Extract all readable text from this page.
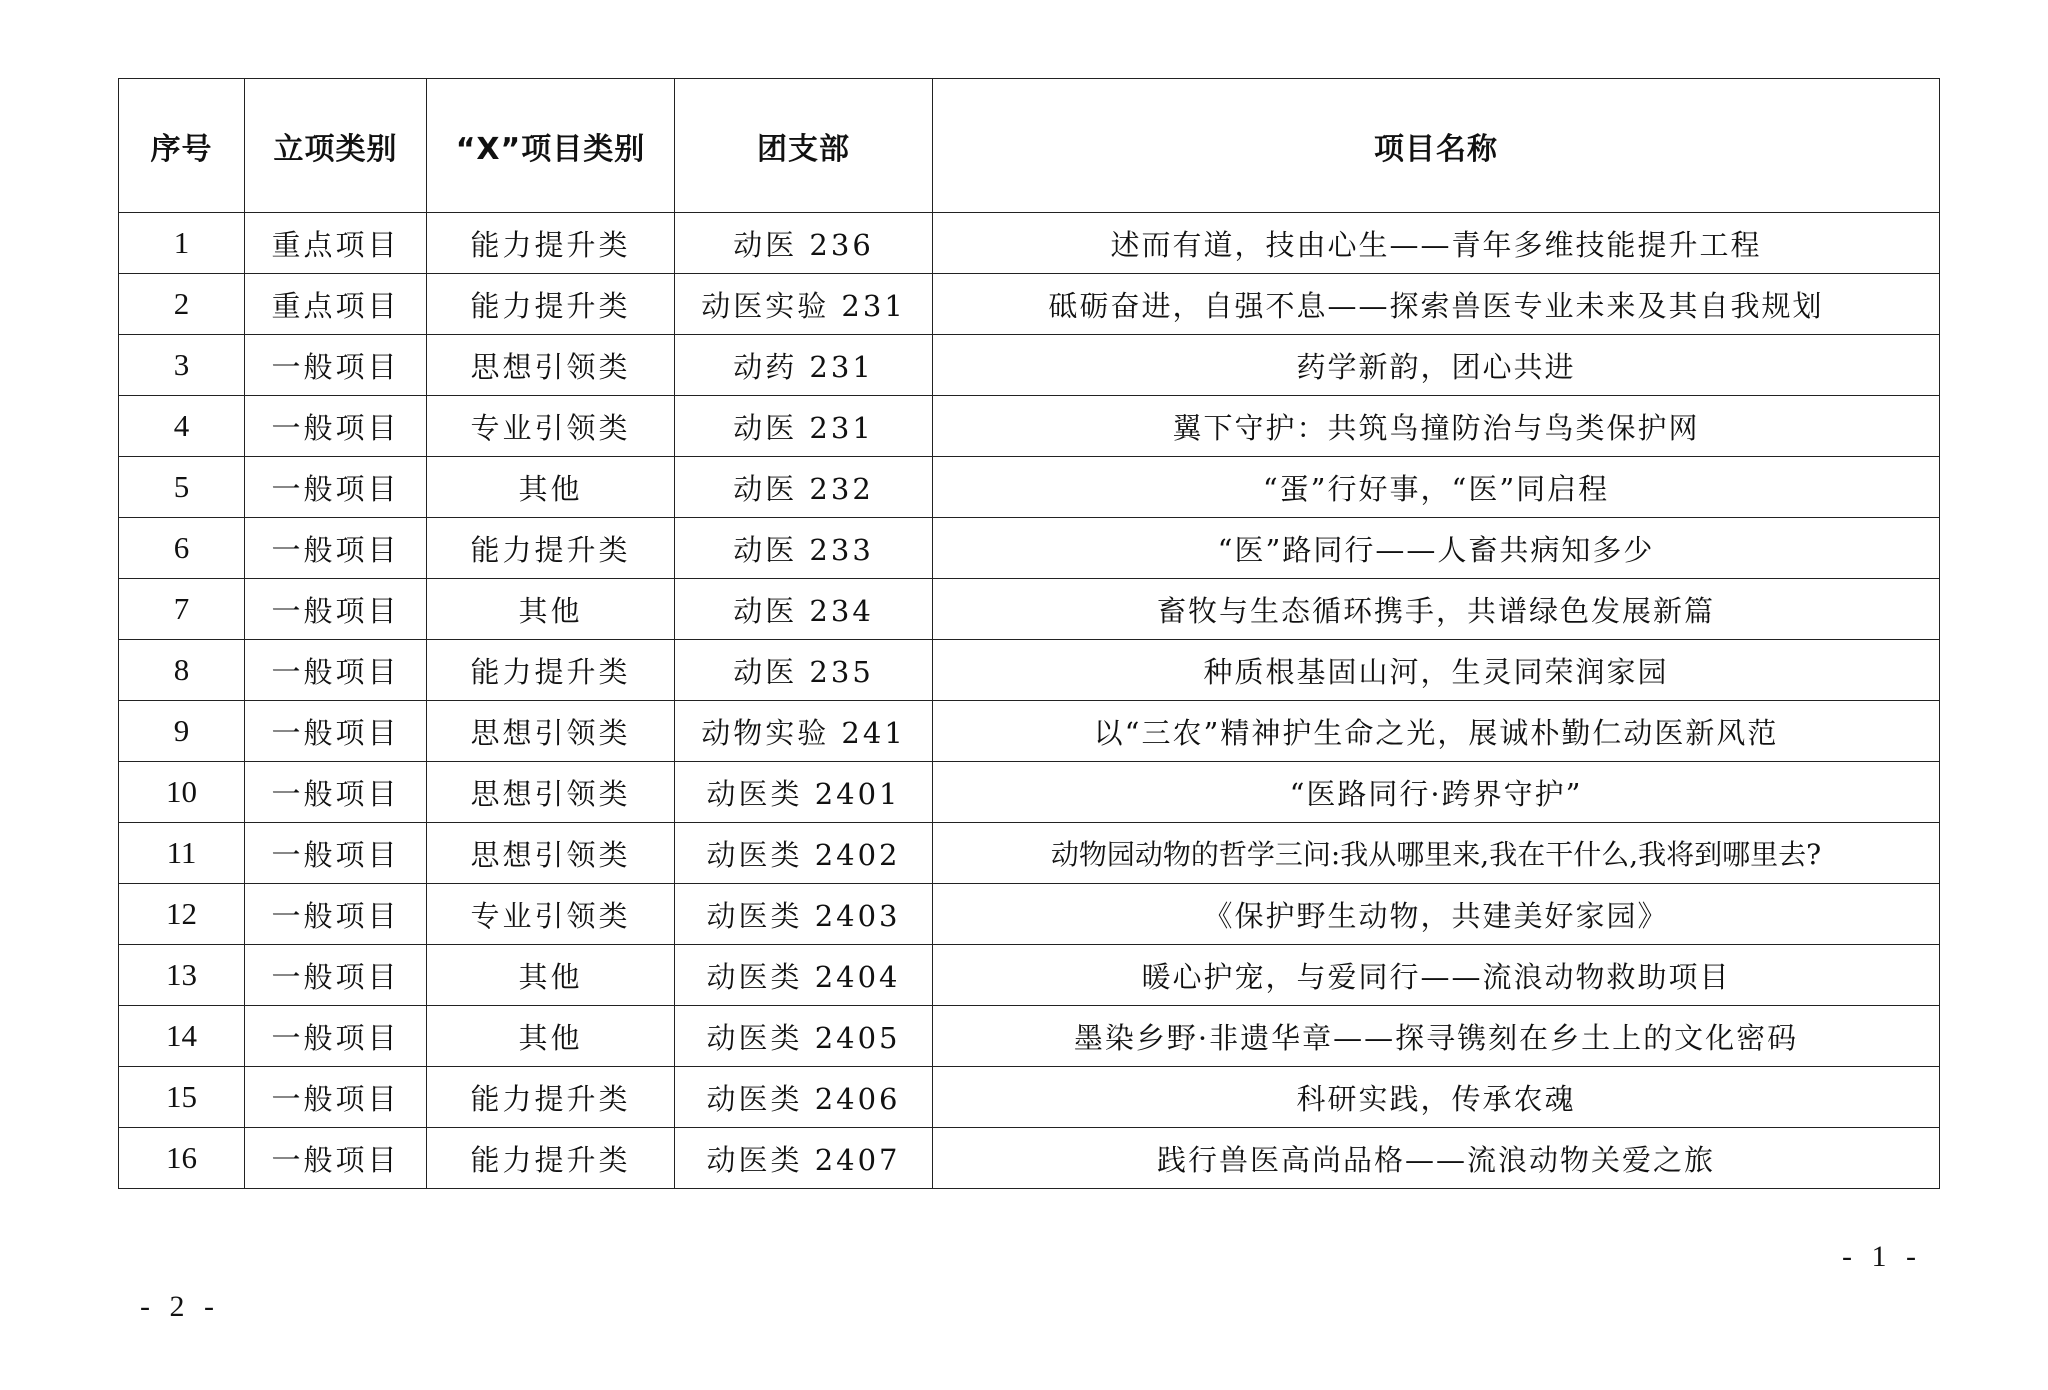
序号	立项类别	“X”项目类别	团支部	项目名称
1	重点项目	能力提升类	动医 236	述而有道，技由心生——青年多维技能提升工程
2	重点项目	能力提升类	动医实验 231	砥砺奋进，自强不息——探索兽医专业未来及其自我规划
3	一般项目	思想引领类	动药 231	药学新韵，团心共进
4	一般项目	专业引领类	动医 231	翼下守护：共筑鸟撞防治与鸟类保护网
5	一般项目	其他	动医 232	“蛋”行好事，“医”同启程
6	一般项目	能力提升类	动医 233	“医”路同行——人畜共病知多少
7	一般项目	其他	动医 234	畜牧与生态循环携手，共谱绿色发展新篇
8	一般项目	能力提升类	动医 235	种质根基固山河，生灵同荣润家园
9	一般项目	思想引领类	动物实验 241	以“三农”精神护生命之光，展诚朴勤仁动医新风范
10	一般项目	思想引领类	动医类 2401	“医路同行·跨界守护”
11	一般项目	思想引领类	动医类 2402	动物园动物的哲学三问:我从哪里来,我在干什么,我将到哪里去?
12	一般项目	专业引领类	动医类 2403	《保护野生动物，共建美好家园》
13	一般项目	其他	动医类 2404	暖心护宠，与爱同行——流浪动物救助项目
14	一般项目	其他	动医类 2405	墨染乡野·非遗华章——探寻镌刻在乡土上的文化密码
15	一般项目	能力提升类	动医类 2406	科研实践，传承农魂
16	一般项目	能力提升类	动医类 2407	践行兽医高尚品格——流浪动物关爱之旅
- 1 -
- 2 -
